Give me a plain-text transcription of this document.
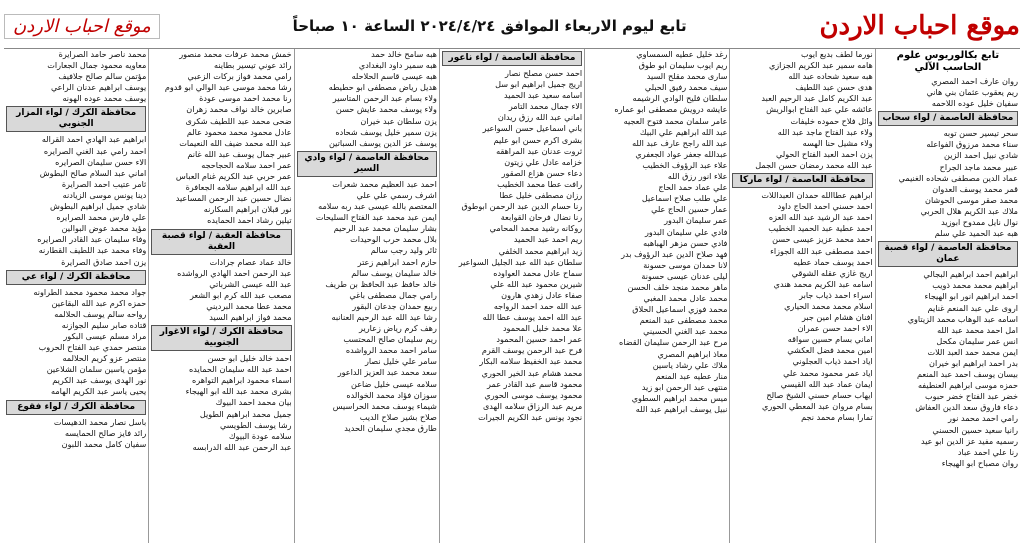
موقع احباب الاردن
تابع ليوم الاربعاء الموافق ٢٠٢٤/٤/٢٤ الساعة ١٠ صباحاً
موقع احباب الاردن
تابع بكالوريوس علوم الحاسب الآلي
روان عارف احمد المصري
ريم يعقوب عثمان بني هاني
سفيان خليل عوده اللاحمه
محافظة العاصمة / لواء سحاب
سحر تيسير حسن توبه
سناء محمد مرزوق الفواعله
شادي نبيل احمد الزين
عبير محمد ماجد الجراح
عماد الدين مصطفى شحاده الغنيمي
قمر محمد يوسف العدوان
محمد صقر موسى الحوشان
ملاك عبد الكريم هلال الحربي
نوال نايل ممدوح ابوزيد
هبه عبد الحميد علي سلم
محافظة العاصمة / لواء قصبة عمان
ابراهيم احمد ابراهيم البجالي
ابراهيم محمد محمد ذويب
احمد ابراهيم انور ابو الهيجاء
اروى علي عبد المنعم غنايم
اسامه عبد الوهاب محمد الزيتاوي
امل احمد محمد عبد الله
انس عمر سليمان مكحل
ايمن محمد حمد العبد اللات
بدر احمد ابراهيم ابو خيران
بيسان يوسف احمد عبد المنعم
حمزه موسى ابراهيم العنطيفه
خضر عبد الفتاح خضر حبوب
دعاء فاروق سعد الدين العفاش
رامي احمد محمد نور
رانيا سعيد حسين الحسني
رسميه مفيد عز الدين ابو عيد
رنا علي احمد عباد
روان مصباح ابو الهيجاء
نورما لطف بديع ايوب
هامه سمير عبد الكريم الجزازي
هبه سعيد شحاده عبد الله
هدى حسن عبد اللطيف
عبد الكريم كامل عبد الرحيم العبد
عائشه علي عبد الفتاح ابوالريش
وائل فلاح حموده خليفات
ولاء عبد الفتاح ماجد عبد الله
ولاء مشيل حنا الهسه
يزن احمد العبد الفتاح الحولي
عبد الله محمد رمضان حسن الجمل
محافظة العاصمة / لواء ماركا
ابراهيم عطاالله حمدان العبداللات
احمد حسني احمد الحاج داود
احمد عبد الرشيد عبد الله العزه
احمد عطية عبد الحميد الخطيب
احمد محمد عزيز عيسى حسن
احمد مصطفى عبد الله الجوزاء
احمد يوسف حماد عطيه
اريج غازي عقله الشوقي
اسامه عبد الكريم محمد هندي
اسراء احمد ذياب جابر
اسلام محمد محمد الحياري
افنان هشام امين جبر
الاء احمد حسن عمران
اماني بسام حسين سواقه
امين محمد فضل العكشي
اياد احمد ذياب العجلوني
اياد عمر محمود محمد علي
ايمان عماد عبد الله القيسي
ايهاب حسام حسني الشيخ صالح
بسام مروان عبد المعطي الحوري
تمارا بسام محمد نجم
رغد خليل عطيه السمساوي
ريم ايوب سليمان ابو طوق
سارى محمد مقلح السيد
سيف محمد رفيق الحبلي
سلطان فليح الوادي الرشيمه
عايشه درويش مصطفى ابو عماره
عامر سلمان محمد فتوح العجيه
عبد الله ابراهيم علي البيك
عبد الله راجح عارف عبد الله
عبدالله جعفر عواد الجعفري
علاء عبد الرؤوف الخطيب
علاء انور رزق الله
علي عماد حمد الحاج
علي طلب صلاح اسماعيل
عمار حسين الحاج علي
عمر سليمان البدور
فادي علي سليمان البدور
فادي حسن مزهر الهباهبه
فهد صلاح الدين عبد الرؤوف بدر
لانا حمدان موسى حسونة
ليلى عدنان عيسى حسونة
ماهر محمد منجد خلف الحسن
محمد عادل محمد المغبي
محمد فوزي اسماعيل الحلاق
محمد مصطفى عبد المنعم
محمد عبد الغني الحسيني
مرح عبد الرحمن سليمان القضاه
معاذ ابراهيم المصري
ملاك علي رشاد ياسين
منار عطيه عبد المنعم
منتهى عبد الرحمن ابو زيد
ميس محمد ابراهيم السطوي
نبيل يوسف ابراهيم عبد الله
محافظة العاصمة / لواء ناعور
احمد حسن مصلح نصار
اريج جميل ابراهيم ابو سل
اسامه سعيد عبد الحميد
الاء جمال محمد التامر
اماني عبد الله رزق ريدان
باني اسماعيل حسن السواعير
بشرى اكرم حسن ابو عليم
ثروت عدنان عبد المراهقه
خزامه عادل علي زيتون
دعاء حسن هزاع الصقور
رافت عطا محمد الخطيب
رزان مصطفى خليل عطا
رنا حسام الدين عبد الرحمن ابوطوق
رنا نضال فرحان القوابعة
روكانه رشيد محمد المحامي
ريم احمد عبد الحميد
زيد ابراهيم محمد الخلفي
سلطان عبد الله عبد الجليل السواعير
سماح عادل محمد العواوده
شيرين محمود عبد الله علي
صفاء عادل زهدي هارون
عبد الله حمد احمد الرواجه
عبد الله احمد يوسف عطا الله
علا محمد خليل المحمود
عمر احمد حسين المحمود
فرح عبد الرحمن يوسف القرم
محمد عبد الخفيظ سلامه البكار
محمد هشام عبد الخير الحوري
محمود قاسم عبد القادر عمر
محمود يوسف موسى الحوري
مريم عبد الرزاق سلامه الهدى
نجود يونس عبد الكريم الجيرات
هبه سامح خالد حمد
هبه سمير داود البغدادي
هبه عيسى قاسم الحلاحله
هديل رياض مصطفى ابو حطيطه
ولاء بسام عبد الرحمن المتاسير
ولاء يوسف محمد عايش حسن
يزن سلطان عبد خيران
يزن سمير خليل يوسف شحاده
يوسف عز الدين يوسف السباتين
محافظة العاصمة / لواء وادي السير
احمد عبد العظيم محمد شعرات
اشرف رسمي علي علي
المعتصم بالله عيسى عبد ربه سلامه
ايمن عبد محمد عبد الفتاح السليحات
بشار سليمان محمد عبد الرحيم
بلال محمد حرب الوحيدات
ثائر وليد رجب سالم
حازم احمد ابراهيم زعتر
خالد سليمان يوسف سالم
خالد حافظ عبد الحافظ بن طريف
رامي جمال مصطفى باغي
ربيع حمدان جدعان البقور
رشا عبد الله عبد الرحيم العنانبه
رهف كرم رياض زعارير
ريم سليمان صالح المحتسب
سامر احمد محمد الرواشده
سامر علي خليل نصار
سعد محمد عبد العزيز الداعور
سلامه عيسى خليل ضاعن
سوزان فؤاد محمد الخوالده
شيماء يوسف محمد الحراسيس
صلاح بشير صلاح الديب
طارق مجدي سليمان الحديد
خمش محمد عرفات محمد منصور
رائد عوني تيسير بطاينه
رامي محمد فواز بركات الزعبي
رشا محمد موسى عبد الوالي ابو قدوم
رنا محمد احمد موسى عودة
صابرين خالد نواف محمد زهران
ضحى محمد عبد اللطيف شكرى
عادل محمود محمد محمود عالم
عبد الله محمد ضيف الله النعيمات
عبير جمال يوسف عبد الله غانم
عمر احمد سلامه الحجاحجه
عمر حربي عبد الكريم غنام العباس
عبد الله ابراهيم سلامه الجعافرة
نضال حسين عبد الرحمن المساعيد
نور قبلان ابراهيم السكارنه
تيلين رشاد احمد الحمايده
محافظة العقبة / لواء قصبة العقبة
خالد عماد عصام جرادات
عبد الرحمن احمد الهادي الرواشده
عبد الله عيسى الشرباتي
مصعب عبد الله كرم ابو الشعر
محمد عطا محمد البرديني
محمد فواز ابراهيم السيد
محافظة الكرك / لواء الاغوار الجنوبية
احمد خالد خليل ابو حسن
احمد عبد الله سليمان الحمايده
اسماء محمود ابراهيم التواهره
بشرى محمد عبد الله ابو الهيجاء
بيان محمد احمد البيوك
جميل محمد ابراهيم الطويل
رشا يوسف الطويسي
سلامه عودة البيوك
عبد الرحمن عبد الله الدرابسه
محمد ناصر حامد الصرايرة
معاويه محمود جمال الجعارات
مؤتمن سالم صالح جلافيف
يوسف ابراهيم عدنان الراعي
يوسف محمد عوده الهونه
محافظة الكرك / لواء المزار الجنوبي
ابراهيم عبد الهادي احمد القراله
احمد رامي عبد الغني الصرايره
الاء حسن سليمان الصرايره
اماني عبد السلام صالح البطوش
ثامر عتيب احمد الصرايرة
دينا يونس موسى الزيادنه
شادي جميل ابراهيم البطوش
علي فارس محمد الصرايره
مؤيد محمد عوض البوالين
وفاء سليمان عبد القادر الصرايره
وفاء محمد عبد اللطيف القطارنه
يزن احمد صادق الصرايرة
محافظة الكرك / لواء عي
جواد محمد محمود محمد الطراونه
حمزه اكرم عبد الله البقاعين
رواحه سالم يوسف الحلالمه
قتاده صابر سليم الجوازنه
مراد مسلم عيسى البكور
منتصر حمدي عبد الفتاح الحروب
منتصر عزو كريم الحلالمه
مؤمن ياسين سلمان الشلاعين
نور الهدى يوسف عبد الكريم
يحيى ياسر عبد الكريم الهامه
محافظة الكرك / لواء فقوع
باسل نصار محمد الدهيسات
رائد فايز صالح الحمايسه
سفيان كامل محمد اللبون
